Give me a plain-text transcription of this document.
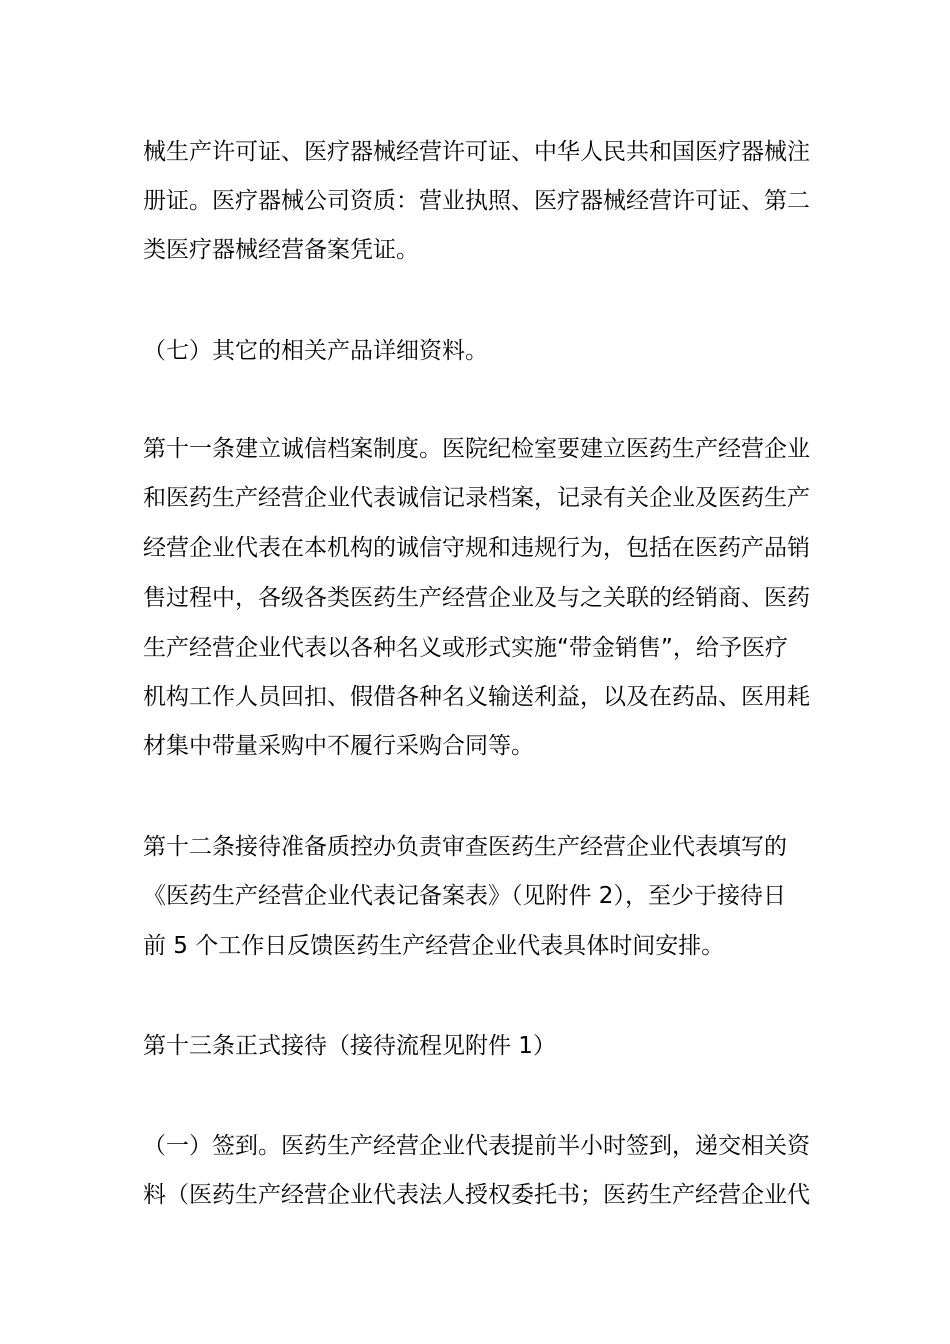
械生产许可证、医疗器械经营许可证、中华人民共和国医疗器械注
册证。医疗器械公司资质：营业执照、医疗器械经营许可证、第二
类医疗器械经营备案凭证。
（七）其它的相关产品详细资料。
第十一条建立诚信档案制度。医院纪检室要建立医药生产经营企业
和医药生产经营企业代表诚信记录档案，记录有关企业及医药生产
经营企业代表在本机构的诚信守规和违规行为，包括在医药产品销
售过程中，各级各类医药生产经营企业及与之关联的经销商、医药
生产经营企业代表以各种名义或形式实施“带金销售”，给予医疗
机构工作人员回扣、假借各种名义输送利益，以及在药品、医用耗
材集中带量采购中不履行采购合同等。
第十二条接待准备质控办负责审查医药生产经营企业代表填写的
《医药生产经营企业代表记备案表》（见附件 2），至少于接待日
前 5 个工作日反馈医药生产经营企业代表具体时间安排。
第十三条正式接待（接待流程见附件 1）
（一）签到。医药生产经营企业代表提前半小时签到，递交相关资
料（医药生产经营企业代表法人授权委托书；医药生产经营企业代
